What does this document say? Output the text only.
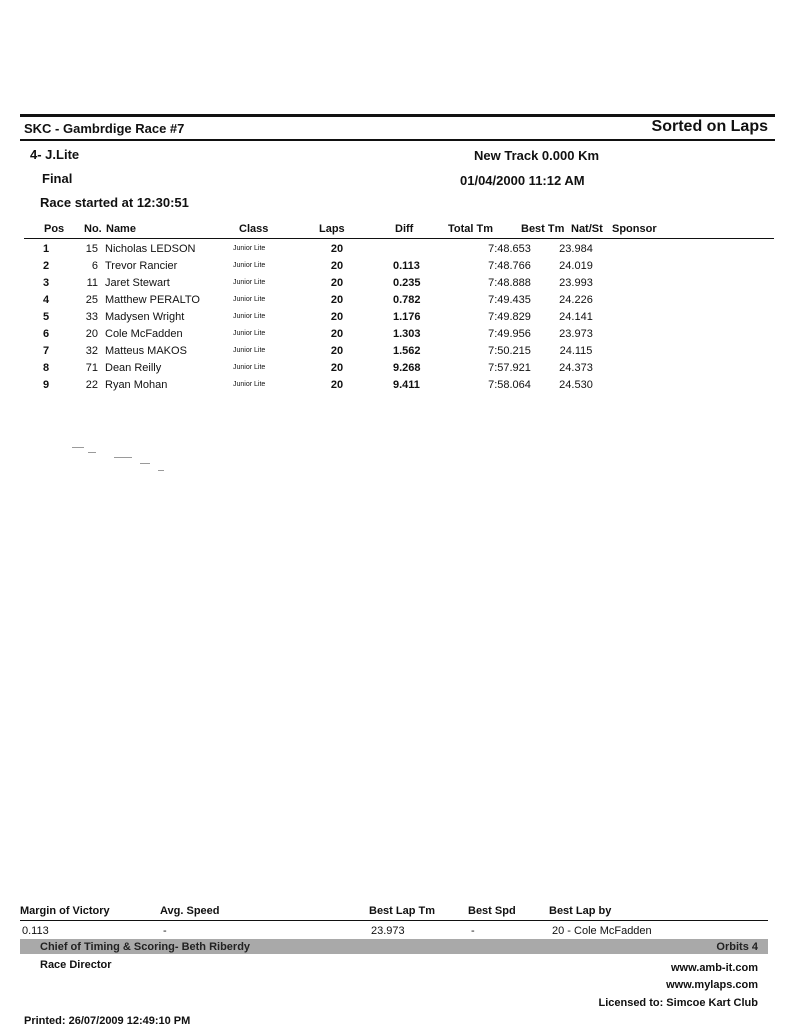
SKC - Gambrdige Race #7	Sorted on Laps
4- J.Lite
Final
Race started at 12:30:51
New Track 0.000 Km
01/04/2000 11:12 AM
Pos No. Name	Class	Laps	Diff	Total Tm	Best Tm Nat/St Sponsor
1	15	Nicholas LEDSON	Junior Lite	20		7:48.653	23.984
2	6	Trevor Rancier	Junior Lite	20	0.113	7:48.766	24.019
3	11	Jaret Stewart	Junior Lite	20	0.235	7:48.888	23.993
4	25	Matthew PERALTO	Junior Lite	20	0.782	7:49.435	24.226
5	33	Madysen Wright	Junior Lite	20	1.176	7:49.829	24.141
6	20	Cole McFadden	Junior Lite	20	1.303	7:49.956	23.973
7	32	Matteus MAKOS	Junior Lite	20	1.562	7:50.215	24.115
8	71	Dean Reilly	Junior Lite	20	9.268	7:57.921	24.373
9	22	Ryan Mohan	Junior Lite	20	9.411	7:58.064	24.530
Margin of Victory	Avg. Speed	Best Lap Tm	Best Spd	Best Lap by
0.113	-	23.973	-	20 - Cole McFadden
Chief of Timing & Scoring- Beth Riberdy	Orbits 4
Race Director	www.amb-it.com
www.mylaps.com
Licensed to: Simcoe Kart Club
Printed: 26/07/2009 12:49:10 PM
